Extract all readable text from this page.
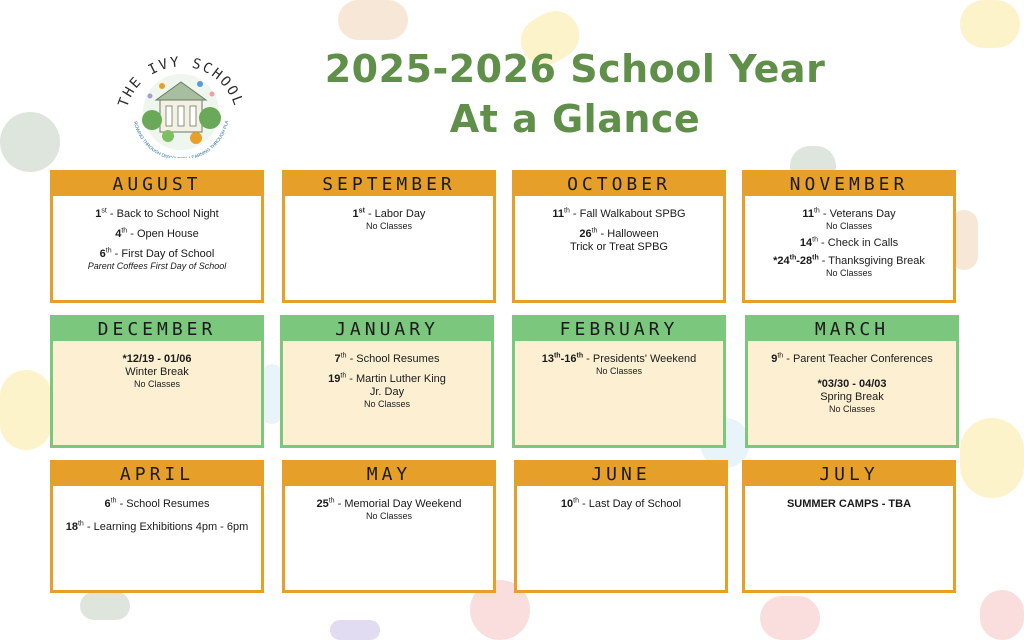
THE IVY SCHOOL
ROWING THROUGH DISC LEARNING THROUGH PLA
2025-2026 School Year
At a Glance
AUGUST
1st - Back to School Night
4th - Open House
6th - First Day of School
Parent Coffees First Day of School
SEPTEMBER
1st - Labor Day
No Classes
OCTOBER
11th - Fall Walkabout SPBG
26th - Halloween
Trick or Treat SPBG
NOVEMBER
11th - Veterans Day
No Classes
14th - Check in Calls
*24th-28th - Thanksgiving Break
No Classes
DECEMBER
*12/19 - 01/06
Winter Break
No Classes
JANUARY
7th - School Resumes
19th - Martin Luther King
Jr. Day
No Classes
FEBRUARY
13th-16th - Presidents' Weekend
No Classes
MARCH
9th - Parent Teacher Conferences
*03/30 - 04/03
Spring Break
No Classes
APRIL
6th - School Resumes
18th - Learning Exhibitions 4pm - 6pm
MAY
25th - Memorial Day Weekend
No Classes
JUNE
10th - Last Day of School
JULY
SUMMER CAMPS - TBA
